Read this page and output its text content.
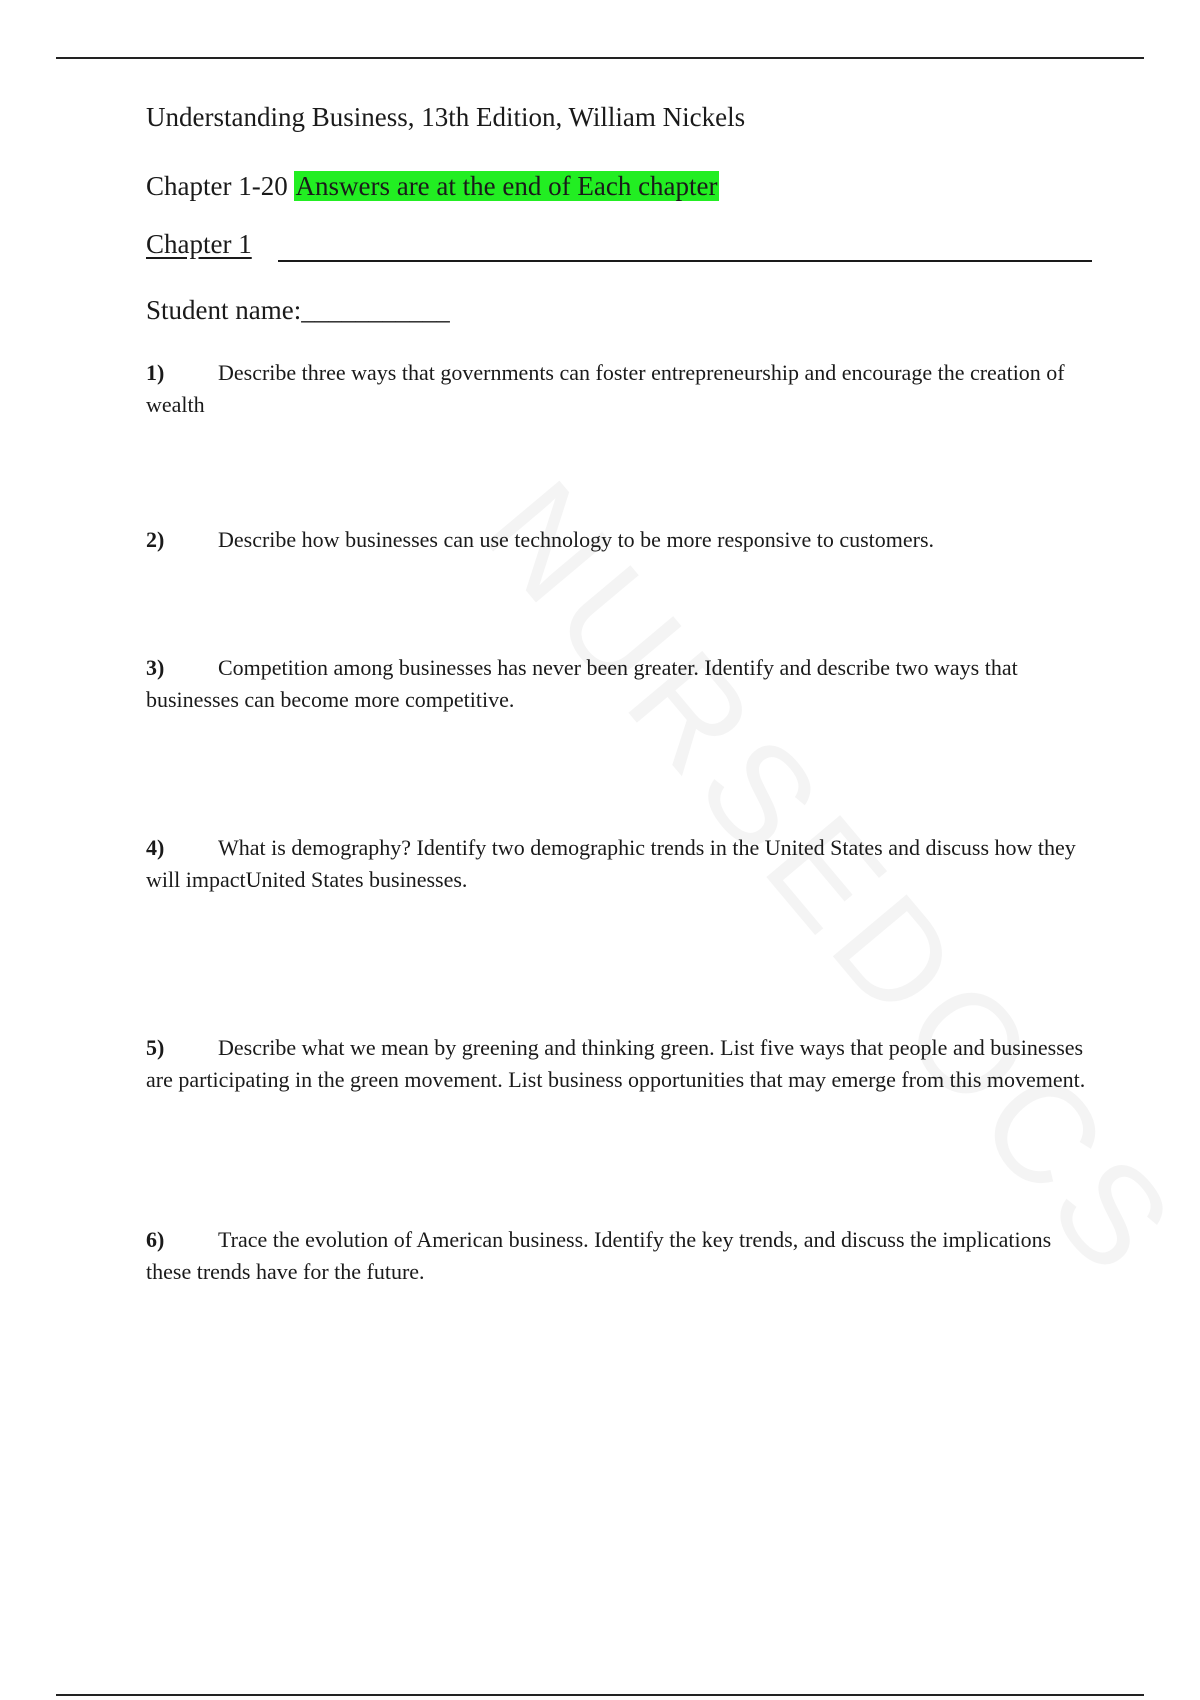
Understanding Business, 13th Edition, William Nickels
Chapter 1-20 Answers are at the end of Each chapter
Chapter 1
Student name:___________
1) Describe three ways that governments can foster entrepreneurship and encourage the creation of wealth
2) Describe how businesses can use technology to be more responsive to customers.
3) Competition among businesses has never been greater. Identify and describe two ways that businesses can become more competitive.
4) What is demography? Identify two demographic trends in the United States and discuss how they will impactUnited States businesses.
5) Describe what we mean by greening and thinking green. List five ways that people and businesses are participating in the green movement. List business opportunities that may emerge from this movement.
6) Trace the evolution of American business. Identify the key trends, and discuss the implications these trends have for the future.
